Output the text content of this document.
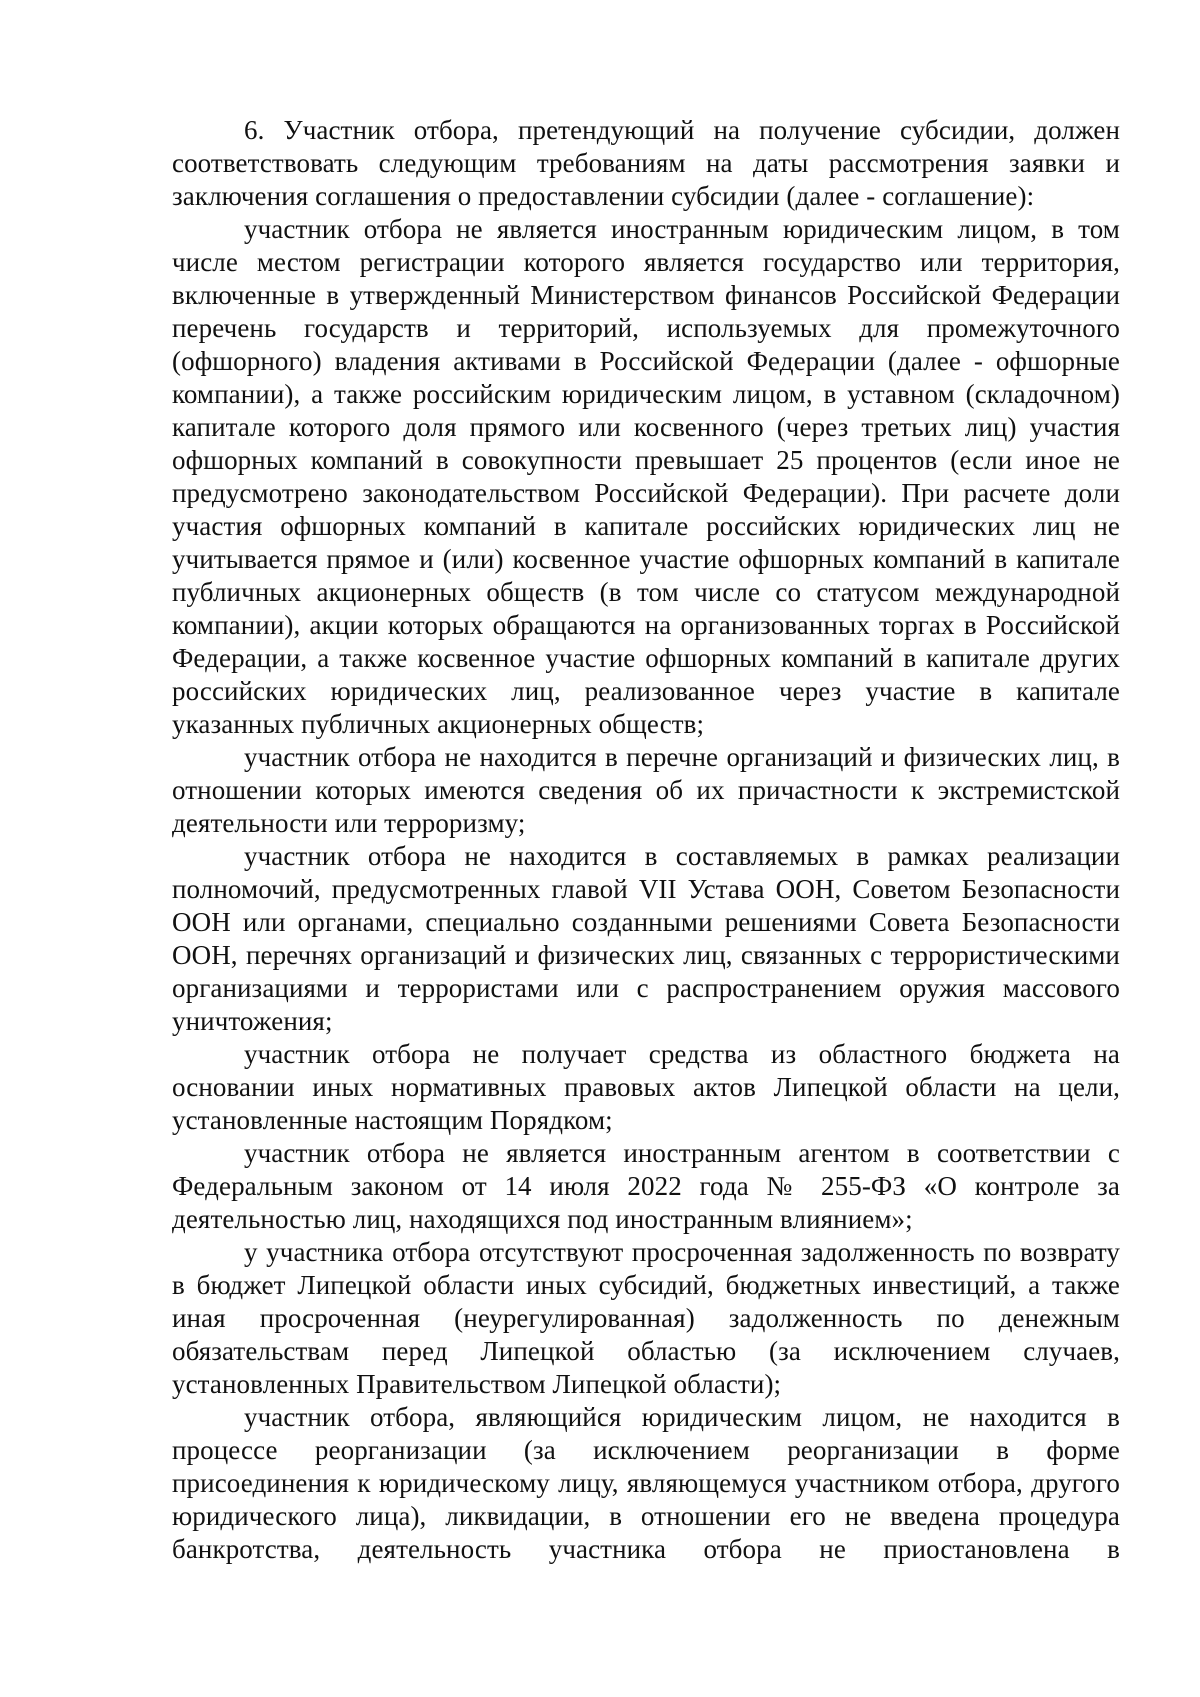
6. Участник отбора, претендующий на получение субсидии, должен соответствовать следующим требованиям на даты рассмотрения заявки и заключения соглашения о предоставлении субсидии (далее - соглашение):

участник отбора не является иностранным юридическим лицом, в том числе местом регистрации которого является государство или территория, включенные в утвержденный Министерством финансов Российской Федерации перечень государств и территорий, используемых для промежуточного (офшорного) владения активами в Российской Федерации (далее - офшорные компании), а также российским юридическим лицом, в уставном (складочном) капитале которого доля прямого или косвенного (через третьих лиц) участия офшорных компаний в совокупности превышает 25 процентов (если иное не предусмотрено законодательством Российской Федерации). При расчете доли участия офшорных компаний в капитале российских юридических лиц не учитывается прямое и (или) косвенное участие офшорных компаний в капитале публичных акционерных обществ (в том числе со статусом международной компании), акции которых обращаются на организованных торгах в Российской Федерации, а также косвенное участие офшорных компаний в капитале других российских юридических лиц, реализованное через участие в капитале указанных публичных акционерных обществ;

участник отбора не находится в перечне организаций и физических лиц, в отношении которых имеются сведения об их причастности к экстремистской деятельности или терроризму;

участник отбора не находится в составляемых в рамках реализации полномочий, предусмотренных главой VII Устава ООН, Советом Безопасности ООН или органами, специально созданными решениями Совета Безопасности ООН, перечнях организаций и физических лиц, связанных с террористическими организациями и террористами или с распространением оружия массового уничтожения;

участник отбора не получает средства из областного бюджета на основании иных нормативных правовых актов Липецкой области на цели, установленные настоящим Порядком;

участник отбора не является иностранным агентом в соответствии с Федеральным законом от 14 июля 2022 года № 255-ФЗ «О контроле за деятельностью лиц, находящихся под иностранным влиянием»;

у участника отбора отсутствуют просроченная задолженность по возврату в бюджет Липецкой области иных субсидий, бюджетных инвестиций, а также иная просроченная (неурегулированная) задолженность по денежным обязательствам перед Липецкой областью (за исключением случаев, установленных Правительством Липецкой области);

участник отбора, являющийся юридическим лицом, не находится в процессе реорганизации (за исключением реорганизации в форме присоединения к юридическому лицу, являющемуся участником отбора, другого юридического лица), ликвидации, в отношении его не введена процедура банкротства, деятельность участника отбора не приостановлена в
